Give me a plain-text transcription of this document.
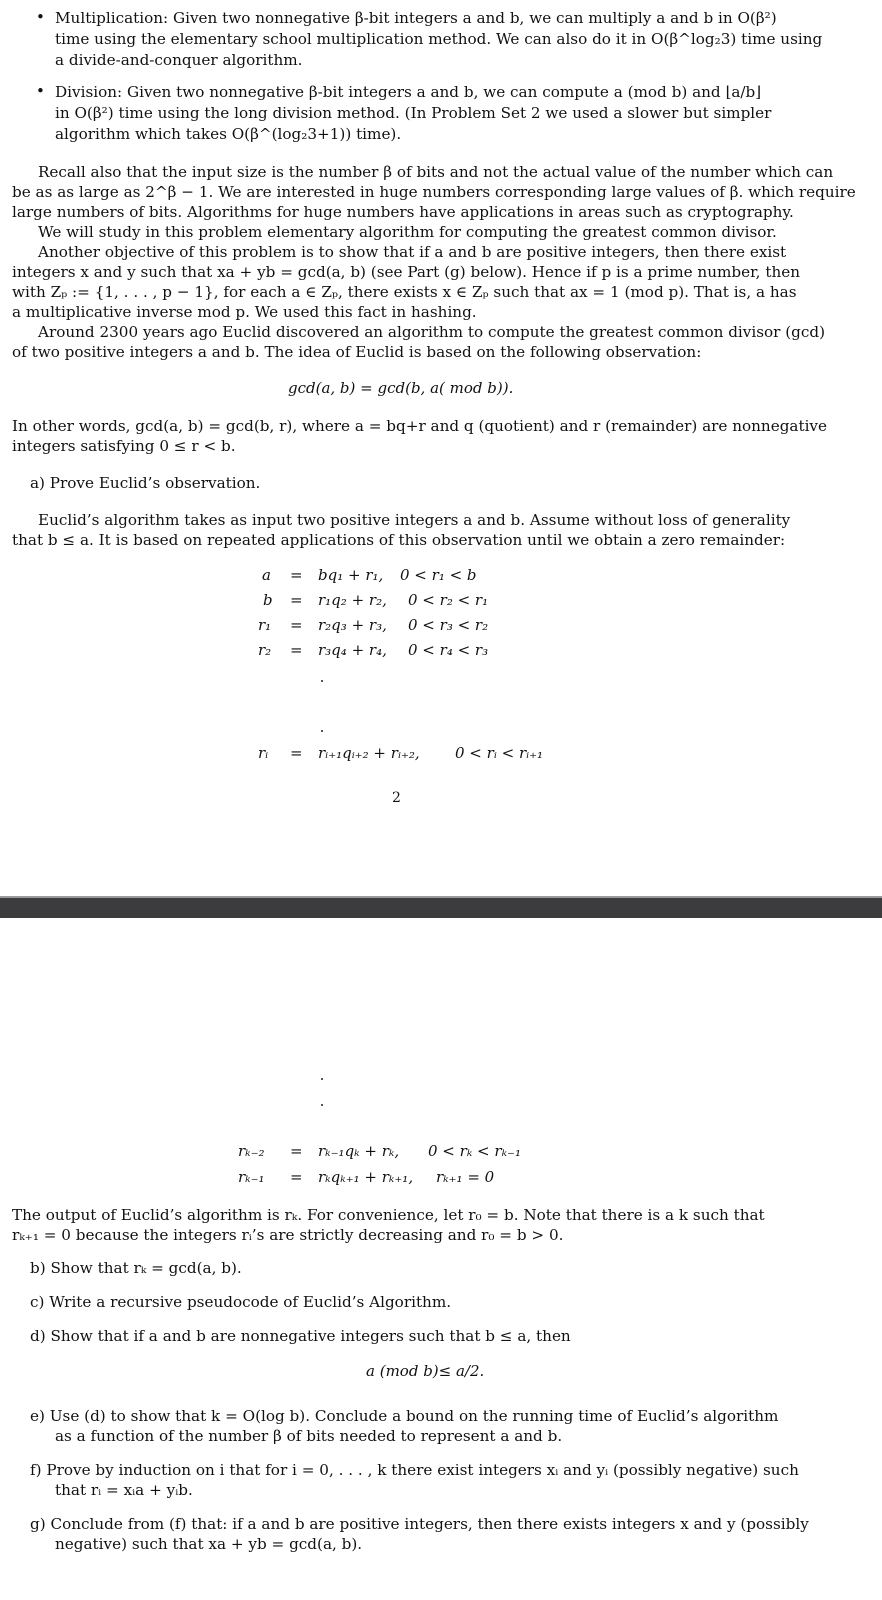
• Multiplication: Given two nonnegative β-bit integers a and b, we can multiply a and b in O(β²)
time using the elementary school multiplication method. We can also do it in O(β^log₂3) time using
a divide-and-conquer algorithm.
• Division: Given two nonnegative β-bit integers a and b, we can compute a (mod b) and ⌊a/b⌋
in O(β²) time using the long division method. (In Problem Set 2 we used a slower but simpler
algorithm which takes O(β^(log₂3+1)) time).
Recall also that the input size is the number β of bits and not the actual value of the number which can
be as as large as 2^β − 1. We are interested in huge numbers corresponding large values of β. which require
large numbers of bits. Algorithms for huge numbers have applications in areas such as cryptography.
We will study in this problem elementary algorithm for computing the greatest common divisor.
Another objective of this problem is to show that if a and b are positive integers, then there exist
integers x and y such that xa + yb = gcd(a, b) (see Part (g) below). Hence if p is a prime number, then
with Zₚ := {1, . . . , p − 1}, for each a ∈ Zₚ, there exists x ∈ Zₚ such that ax = 1 (mod p). That is, a has
a multiplicative inverse mod p. We used this fact in hashing.
Around 2300 years ago Euclid discovered an algorithm to compute the greatest common divisor (gcd)
of two positive integers a and b. The idea of Euclid is based on the following observation:
gcd(a, b) = gcd(b, a( mod b)).
In other words, gcd(a, b) = gcd(b, r), where a = bq+r and q (quotient) and r (remainder) are nonnegative
integers satisfying 0 ≤ r < b.
a) Prove Euclid’s observation.
Euclid’s algorithm takes as input two positive integers a and b. Assume without loss of generality
that b ≤ a. It is based on repeated applications of this observation until we obtain a zero remainder:
a = bq₁ + r₁, 0 < r₁ < b
b = r₁q₂ + r₂, 0 < r₂ < r₁
r₁ = r₂q₃ + r₃, 0 < r₃ < r₂
r₂ = r₃q₄ + r₄, 0 < r₄ < r₃
rᵢ = rᵢ₊₁qᵢ₊₂ + rᵢ₊₂, 0 < rᵢ < rᵢ₊₁
2
rₖ₋₂ = rₖ₋₁qₖ + rₖ, 0 < rₖ < rₖ₋₁
rₖ₋₁ = rₖqₖ₊₁ + rₖ₊₁, rₖ₊₁ = 0
The output of Euclid’s algorithm is rₖ. For convenience, let r₀ = b. Note that there is a k such that
rₖ₊₁ = 0 because the integers rᵢ’s are strictly decreasing and r₀ = b > 0.
b) Show that rₖ = gcd(a, b).
c) Write a recursive pseudocode of Euclid’s Algorithm.
d) Show that if a and b are nonnegative integers such that b ≤ a, then
a (mod b)≤ a/2.
e) Use (d) to show that k = O(log b). Conclude a bound on the running time of Euclid’s algorithm
as a function of the number β of bits needed to represent a and b.
f) Prove by induction on i that for i = 0, . . . , k there exist integers xᵢ and yᵢ (possibly negative) such
that rᵢ = xᵢa + yᵢb.
g) Conclude from (f) that: if a and b are positive integers, then there exists integers x and y (possibly
negative) such that xa + yb = gcd(a, b).
